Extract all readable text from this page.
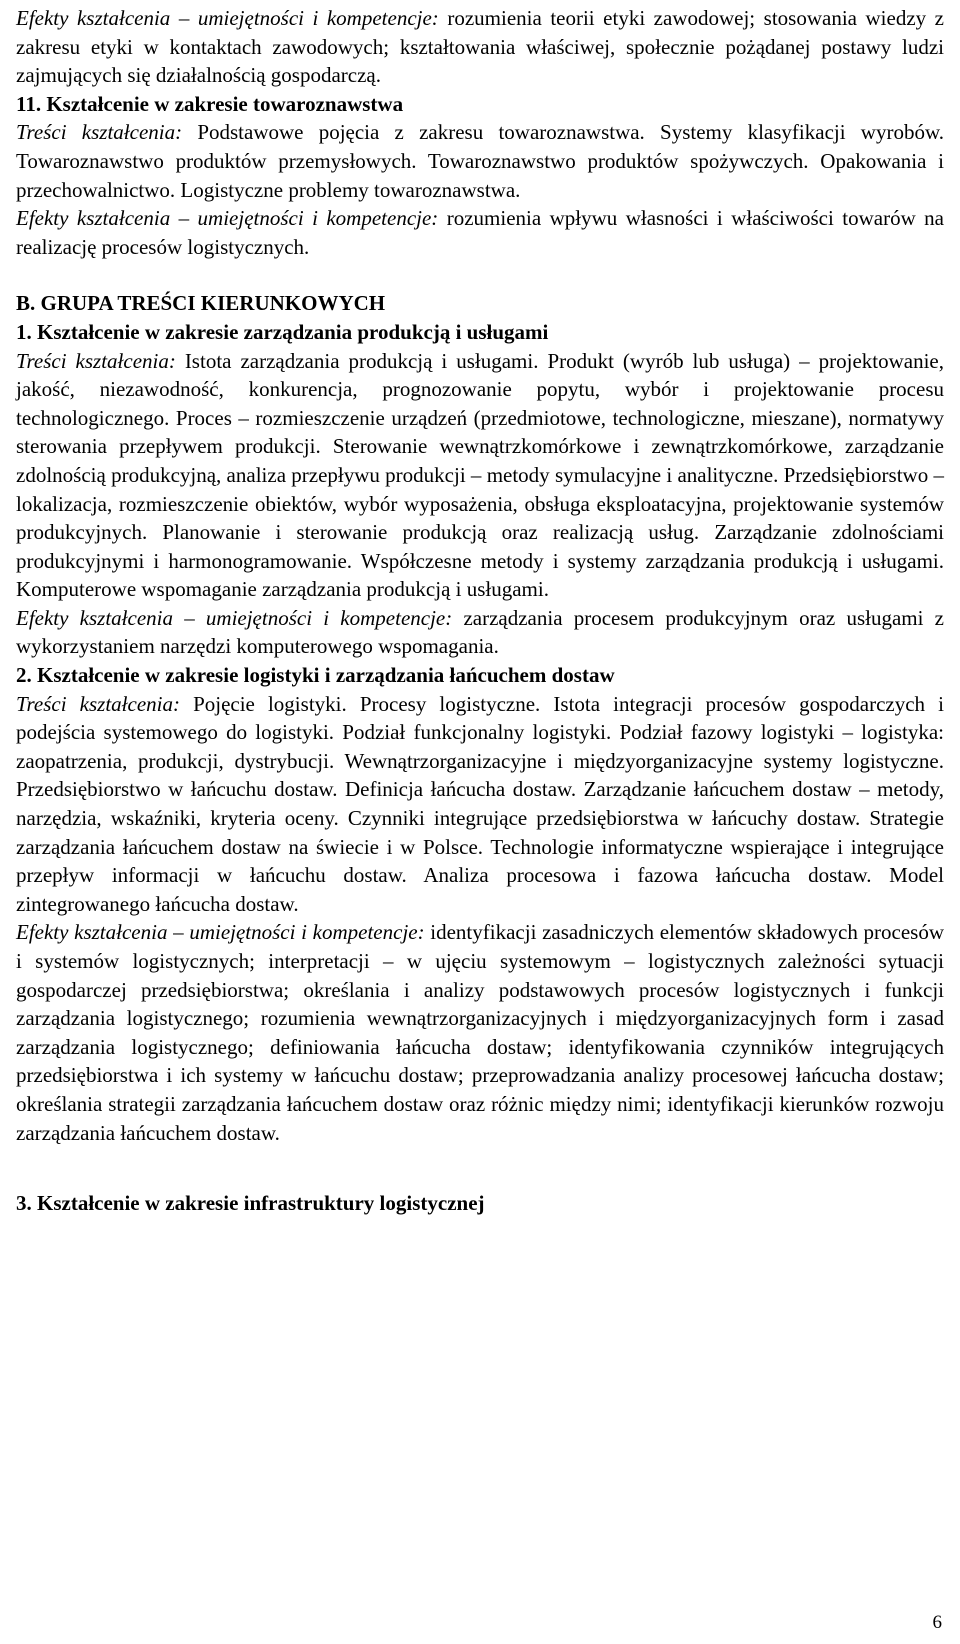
Efekty kształcenia – umiejętności i kompetencje: rozumienia teorii etyki zawodowej; stosowania wiedzy z zakresu etyki w kontaktach zawodowych; kształtowania właściwej, społecznie pożądanej postawy ludzi zajmujących się działalnością gospodarczą.

11. Kształcenie w zakresie towaroznawstwa

Treści kształcenia: Podstawowe pojęcia z zakresu towaroznawstwa. Systemy klasyfikacji wyrobów. Towaroznawstwo produktów przemysłowych. Towaroznawstwo produktów spożywczych. Opakowania i przechowalnictwo. Logistyczne problemy towaroznawstwa.

Efekty kształcenia – umiejętności i kompetencje: rozumienia wpływu własności i właściwości towarów na realizację procesów logistycznych.

B. GRUPA TREŚCI KIERUNKOWYCH
1. Kształcenie w zakresie zarządzania produkcją i usługami

Treści kształcenia: Istota zarządzania produkcją i usługami. Produkt (wyrób lub usługa) – projektowanie, jakość, niezawodność, konkurencja, prognozowanie popytu, wybór i projektowanie procesu technologicznego. Proces – rozmieszczenie urządzeń (przedmiotowe, technologiczne, mieszane), normatywy sterowania przepływem produkcji. Sterowanie wewnątrzkomórkowe i zewnątrzkomórkowe, zarządzanie zdolnością produkcyjną, analiza przepływu produkcji – metody symulacyjne i analityczne. Przedsiębiorstwo – lokalizacja, rozmieszczenie obiektów, wybór wyposażenia, obsługa eksploatacyjna, projektowanie systemów produkcyjnych. Planowanie i sterowanie produkcją oraz realizacją usług. Zarządzanie zdolnościami produkcyjnymi i harmonogramowanie. Współczesne metody i systemy zarządzania produkcją i usługami. Komputerowe wspomaganie zarządzania produkcją i usługami.

Efekty kształcenia – umiejętności i kompetencje: zarządzania procesem produkcyjnym oraz usługami z wykorzystaniem narzędzi komputerowego wspomagania.

2. Kształcenie w zakresie logistyki i zarządzania łańcuchem dostaw

Treści kształcenia: Pojęcie logistyki. Procesy logistyczne. Istota integracji procesów gospodarczych i podejścia systemowego do logistyki. Podział funkcjonalny logistyki. Podział fazowy logistyki – logistyka: zaopatrzenia, produkcji, dystrybucji. Wewnątrzorganizacyjne i międzyorganizacyjne systemy logistyczne. Przedsiębiorstwo w łańcuchu dostaw. Definicja łańcucha dostaw. Zarządzanie łańcuchem dostaw – metody, narzędzia, wskaźniki, kryteria oceny. Czynniki integrujące przedsiębiorstwa w łańcuchy dostaw. Strategie zarządzania łańcuchem dostaw na świecie i w Polsce. Technologie informatyczne wspierające i integrujące przepływ informacji w łańcuchu dostaw. Analiza procesowa i fazowa łańcucha dostaw. Model zintegrowanego łańcucha dostaw.

Efekty kształcenia – umiejętności i kompetencje: identyfikacji zasadniczych elementów składowych procesów i systemów logistycznych; interpretacji – w ujęciu systemowym – logistycznych zależności sytuacji gospodarczej przedsiębiorstwa; określania i analizy podstawowych procesów logistycznych i funkcji zarządzania logistycznego; rozumienia wewnątrzorganizacyjnych i międzyorganizacyjnych form i zasad zarządzania logistycznego; definiowania łańcucha dostaw; identyfikowania czynników integrujących przedsiębiorstwa i ich systemy w łańcuchu dostaw; przeprowadzania analizy procesowej łańcucha dostaw; określania strategii zarządzania łańcuchem dostaw oraz różnic między nimi; identyfikacji kierunków rozwoju zarządzania łańcuchem dostaw.

3. Kształcenie w zakresie infrastruktury logistycznej
6
